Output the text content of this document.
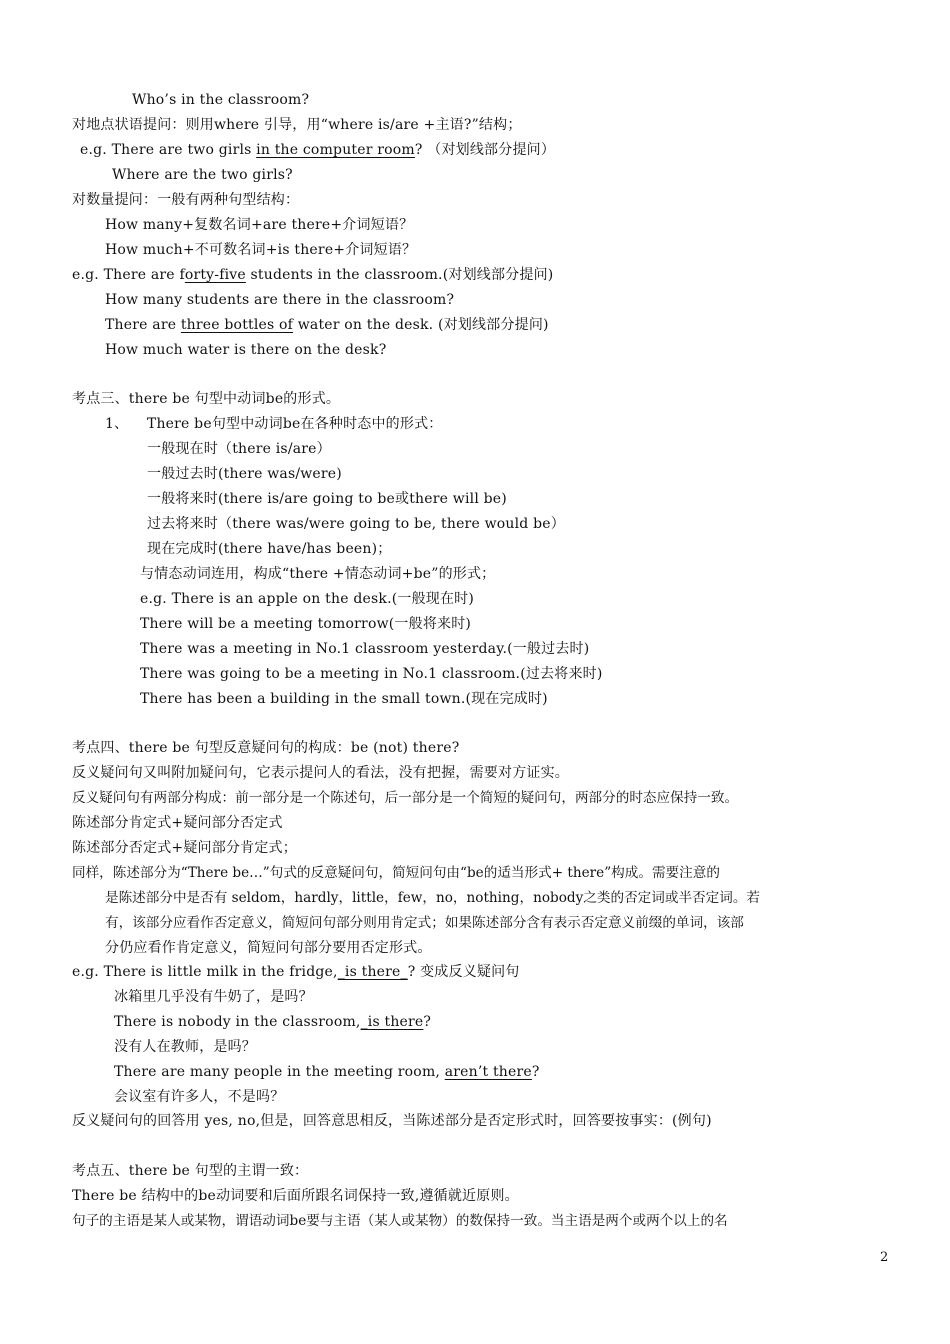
Who’s in the classroom?
对地点状语提问：则用where 引导，用“where is/are +主语?”结构；
e.g. There are two girls in the computer room? （对划线部分提问）
Where are the two girls?
对数量提问：一般有两种句型结构：
How many+复数名词+are there+介词短语？
How much+不可数名词+is there+介词短语？
e.g. There are forty-five students in the classroom.(对划线部分提问)
How many students are there in the classroom?
There are three bottles of water on the desk. (对划线部分提问)
How much water is there on the desk?
考点三、there be 句型中动词be的形式。
1、    There be句型中动词be在各种时态中的形式：
一般现在时（there is/are）
一般过去时(there was/were)
一般将来时(there is/are going to be或there will be)
过去将来时（there was/were going to be, there would be）
现在完成时(there have/has been)；
与情态动词连用，构成“there +情态动词+be”的形式；
e.g. There is an apple on the desk.(一般现在时)
There will be a meeting tomorrow(一般将来时)
There was a meeting in No.1 classroom yesterday.(一般过去时)
There was going to be a meeting in No.1 classroom.(过去将来时)
There has been a building in the small town.(现在完成时)
考点四、there be 句型反意疑问句的构成：be (not) there?
反义疑问句又叫附加疑问句，它表示提问人的看法，没有把握，需要对方证实。
反义疑问句有两部分构成：前一部分是一个陈述句，后一部分是一个简短的疑问句，两部分的时态应保持一致。
陈述部分肯定式+疑问部分否定式
陈述部分否定式+疑问部分肯定式；
同样，陈述部分为“There be…”句式的反意疑问句，简短问句由“be的适当形式+ there”构成。需要注意的
是陈述部分中是否有 seldom，hardly，little，few，no，nothing，nobody之类的否定词或半否定词。若
有，该部分应看作否定意义，简短问句部分则用肯定式；如果陈述部分含有表示否定意义前缀的单词，该部
分仍应看作肯定意义，简短问句部分要用否定形式。
e.g. There is little milk in the fridge,_is there_? 变成反义疑问句
冰箱里几乎没有牛奶了，是吗？
There is nobody in the classroom,_is there?
没有人在教师，是吗？
There are many people in the meeting room, aren’t there?
会议室有许多人，不是吗？
反义疑问句的回答用 yes, no,但是，回答意思相反，当陈述部分是否定形式时，回答要按事实：(例句)
考点五、there be 句型的主谓一致：
There be 结构中的be动词要和后面所跟名词保持一致,遵循就近原则。
句子的主语是某人或某物，谓语动词be要与主语（某人或某物）的数保持一致。当主语是两个或两个以上的名
2
